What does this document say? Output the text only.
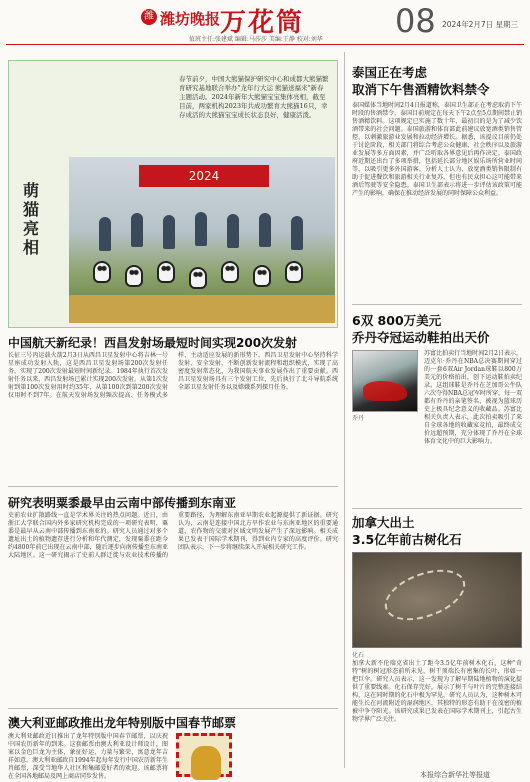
潍 潍坊晚报 万花筒	08 2024年2月7日 星期三
值班主任:张建斌 编辑:马莎莎 美编:王静 校对:刘华
春节前夕，中国大熊猫保护研究中心和成都大熊猫繁育研究基地联合举办"龙年行大运 熊猫送福来"新春主题活动。2024年新年大熊猫宝宝集体亮相，截至目前，两家机构2023年共成功繁育大熊猫16只，幸存成活的大熊猫宝宝成长状态良好，健康活泼。
萌猫亮相
2024
中国航天新纪录！西昌发射场最短时间实现200次发射
长征三号丙运载火箭2月3日从西昌卫星发射中心将吉林一号星座成功发射入轨，这是西昌卫星发射场第200次发射任务，实现了200次发射最短时间新纪录。1984年执行首次发射任务以来，西昌发射场已累计实现200次发射。从第1次发射到第100次发射用时约35年，从第100次到第200次发射仅用时不到7年。在航天发射场发射频次提高、任务模式多样、主动适应发展的新形势下，西昌卫星发射中心坚持科学发射、安全发射，不断创新发射流程和组织模式，实现了高密度发射常态化，为我国航天事业发展作出了重要贡献。西昌卫星发射场具有三个发射工位，先后执行了北斗导航系统全部卫星发射任务以及嫦娥系列探月任务。
研究表明粟黍最早由云南中部传播到东南亚
史前农业扩散路线一直是学术界关注的热点问题。近日，由浙江大学联合国内外多家研究机构完成的一项研究表明，粟黍是最早从云南中部传播到东南亚的。研究人员通过对多个遗址出土的植物遗存进行分析和年代测定，发现粟黍在距今约4800年前已出现在云南中部，随后逐步向南传播至东南亚大陆地区。这一研究揭示了史前人群迁徙与农业技术传播的重要路径，为理解东南亚早期农业起源提供了新证据。研究认为，云南是连接中国北方旱作农业与东南亚地区的重要通道，农作物的交流对区域文明发展产生了深远影响。相关成果已发表于国际学术期刊，得到业内专家的高度评价。研究团队表示，下一步将继续深入开展相关研究工作。
澳大利亚邮政推出龙年特别版中国春节邮票
澳大利亚邮政近日推出了龙年特别版中国春节邮票，以庆祝中国农历新年的到来。这套邮票由澳大利亚设计师设计，图案以金色巨龙为主体，象征好运、力量与繁荣，寓意龙年吉祥如意。澳大利亚邮政自1994年起每年发行中国农历新年生肖邮票，深受当地华人社区和集邮爱好者的欢迎。该邮票将在全国各地邮局及网上商店同步发售。
泰国正在考虑
取消下午售酒精饮料禁令
泰国媒体当地时间2月4日报道称，泰国卫生部正在考虑取消下午时段的售酒禁令，泰国目前规定在每天下午2点至5点期间禁止销售酒精饮料。这项规定已实施了数十年，最初目的是为了减少饮酒带来的社会问题。泰国旅游和体育部此前建议放宽酒类销售管控，以刺激旅游业发展和拉动经济增长。据悉，该提议目前仍处于讨论阶段，相关部门将综合考虑公众健康、社会秩序以及旅游业发展等多方面因素，并广泛听取各界意见后再作决定。泰国政府近期还出台了多项举措，包括延长部分地区娱乐场所营业时间等，以吸引更多外国游客。分析人士认为，放宽酒类销售限制有助于促进餐饮和旅游相关行业复苏，但也有民众担心这可能带来酒后驾驶等安全隐患。泰国卫生部表示将进一步评估该政策可能产生的影响，确保在推动经济发展的同时保障公众利益。
6双 800万美元
乔丹夺冠运动鞋拍出天价
乔丹
苏富比拍卖行当地时间2月2日表示，迈克尔·乔丹在NBA总决赛期间穿过的一套6双Air Jordan球鞋以800万美元的价格拍出，创下运动鞋拍卖纪录。这组球鞋是乔丹在芝加哥公牛队六次夺得NBA总冠军时所穿，每一双都有乔丹的亲笔签名，被视为篮球历史上极具纪念意义的收藏品。苏富比相关负责人表示，此次拍卖吸引了来自全球各地的收藏家竞拍，最终成交价远超预期，充分体现了乔丹在全球体育文化中的巨大影响力。
加拿大出土
3.5亿年前古树化石
化石
加拿大新不伦瑞克省出土了距今3.5亿年前树木化石，这种"奇特"树的树冠形态前所未见，树干顶端长有密集的长叶，形如一把巨伞。研究人员表示，这一发现为了解早期陆地植物的演化提供了重要线索。化石保存完好，展示了树干与叶片的完整连接结构，这在同时期的化石中极为罕见。研究人员认为，这种树木可能生长在河流附近的湿润地区，其独特的形态有助于在茂密的植被中争夺阳光。该研究成果已发表在国际学术期刊上，引起古生物学界广泛关注。
本报综合新华社等报道
